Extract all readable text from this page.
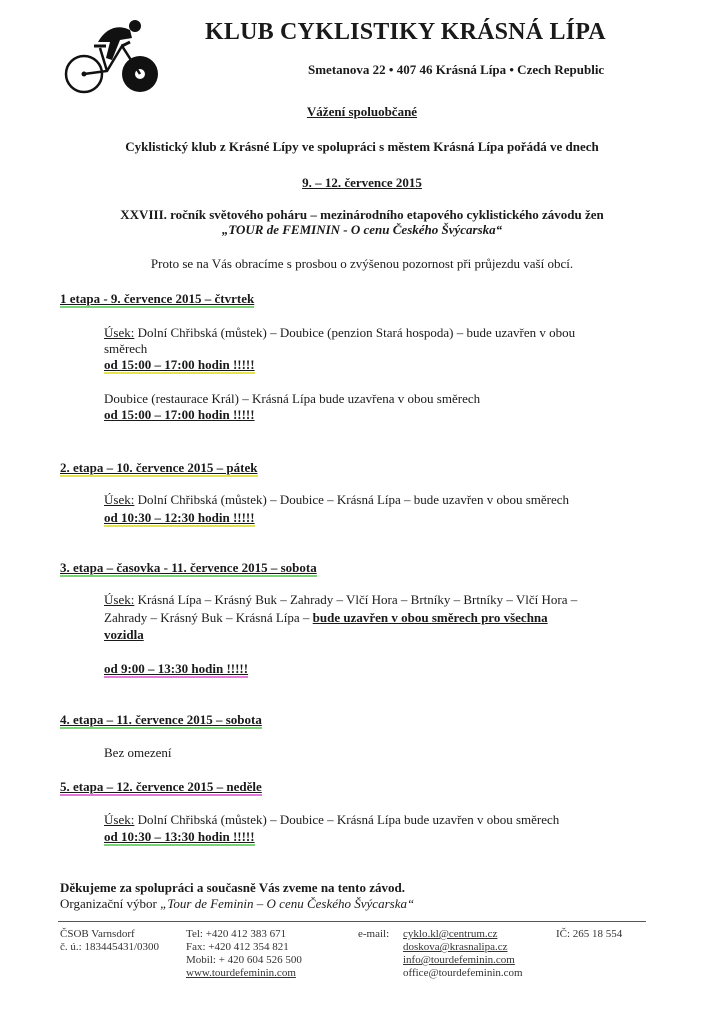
KLUB CYKLISTIKY KRÁSNÁ LÍPA
Smetanova 22 • 407 46 Krásná Lípa • Czech Republic
Vážení spoluobčané
Cyklistický klub z Krásné Lípy ve spolupráci s městem Krásná Lípa pořádá ve dnech
9. – 12. července 2015
XXVIII. ročník světového poháru – mezinárodního etapového cyklistického závodu žen
„TOUR de FEMININ - O cenu Českého Švýcarska“
Proto se na Vás obracíme s prosbou o zvýšenou pozornost při průjezdu vaší obcí.
1 etapa - 9. července 2015 – čtvrtek
Úsek: Dolní Chřibská (můstek) – Doubice (penzion Stará hospoda) – bude uzavřen v obou
směrech
od 15:00 – 17:00 hodin !!!!!
Doubice (restaurace Král) – Krásná Lípa bude uzavřena v obou směrech
od 15:00 – 17:00 hodin !!!!!
2. etapa – 10. července 2015 – pátek
Úsek: Dolní Chřibská (můstek) – Doubice – Krásná Lípa – bude uzavřen v obou směrech
od 10:30 – 12:30 hodin !!!!!
3. etapa – časovka - 11. července 2015 – sobota
Úsek: Krásná Lípa – Krásný Buk – Zahrady – Vlčí Hora – Brtníky – Brtníky – Vlčí Hora –
Zahrady – Krásný Buk – Krásná Lípa – bude uzavřen v obou směrech pro všechna
vozidla
od 9:00 – 13:30 hodin !!!!!
4. etapa – 11. července 2015 – sobota
Bez omezení
5. etapa – 12. července 2015 – neděle
Úsek: Dolní Chřibská (můstek) – Doubice – Krásná Lípa bude uzavřen v obou směrech
od 10:30 – 13:30 hodin !!!!!
Děkujeme za spolupráci a současně Vás zveme na tento závod.
Organizační výbor „Tour de Feminin – O cenu Českého Švýcarska“
ČSOB Varnsdorf
č. ú.: 183445431/0300
Tel: +420 412 383 671
Fax: +420 412 354 821
Mobil: + 420 604 526 500
www.tourdefeminin.com
e-mail: cyklo.kl@centrum.cz
doskova@krasnalipa.cz
info@tourdefeminin.com
office@tourdefeminin.com
IČ: 265 18 554
